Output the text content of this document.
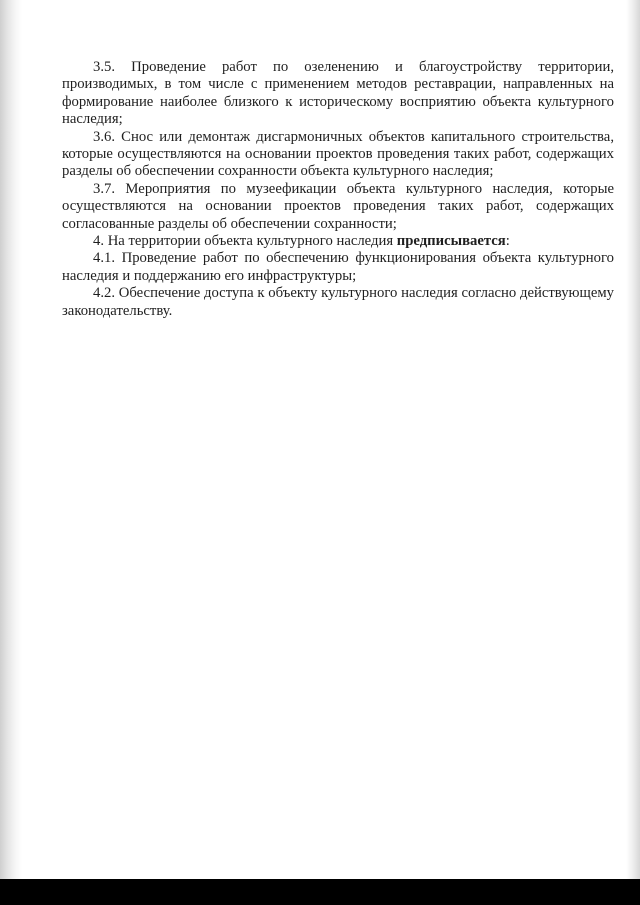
3.5. Проведение работ по озеленению и благоустройству территории, производимых, в том числе с применением методов реставрации, направленных на формирование наиболее близкого к историческому восприятию объекта культурного наследия;

3.6. Снос или демонтаж дисгармоничных объектов капитального строительства, которые осуществляются на основании проектов проведения таких работ, содержащих разделы об обеспечении сохранности объекта культурного наследия;

3.7. Мероприятия по музеефикации объекта культурного наследия, которые осуществляются на основании проектов проведения таких работ, содержащих согласованные разделы об обеспечении сохранности;

4. На территории объекта культурного наследия предписывается:

4.1. Проведение работ по обеспечению функционирования объекта культурного наследия и поддержанию его инфраструктуры;

4.2. Обеспечение доступа к объекту культурного наследия согласно действующему законодательству.
